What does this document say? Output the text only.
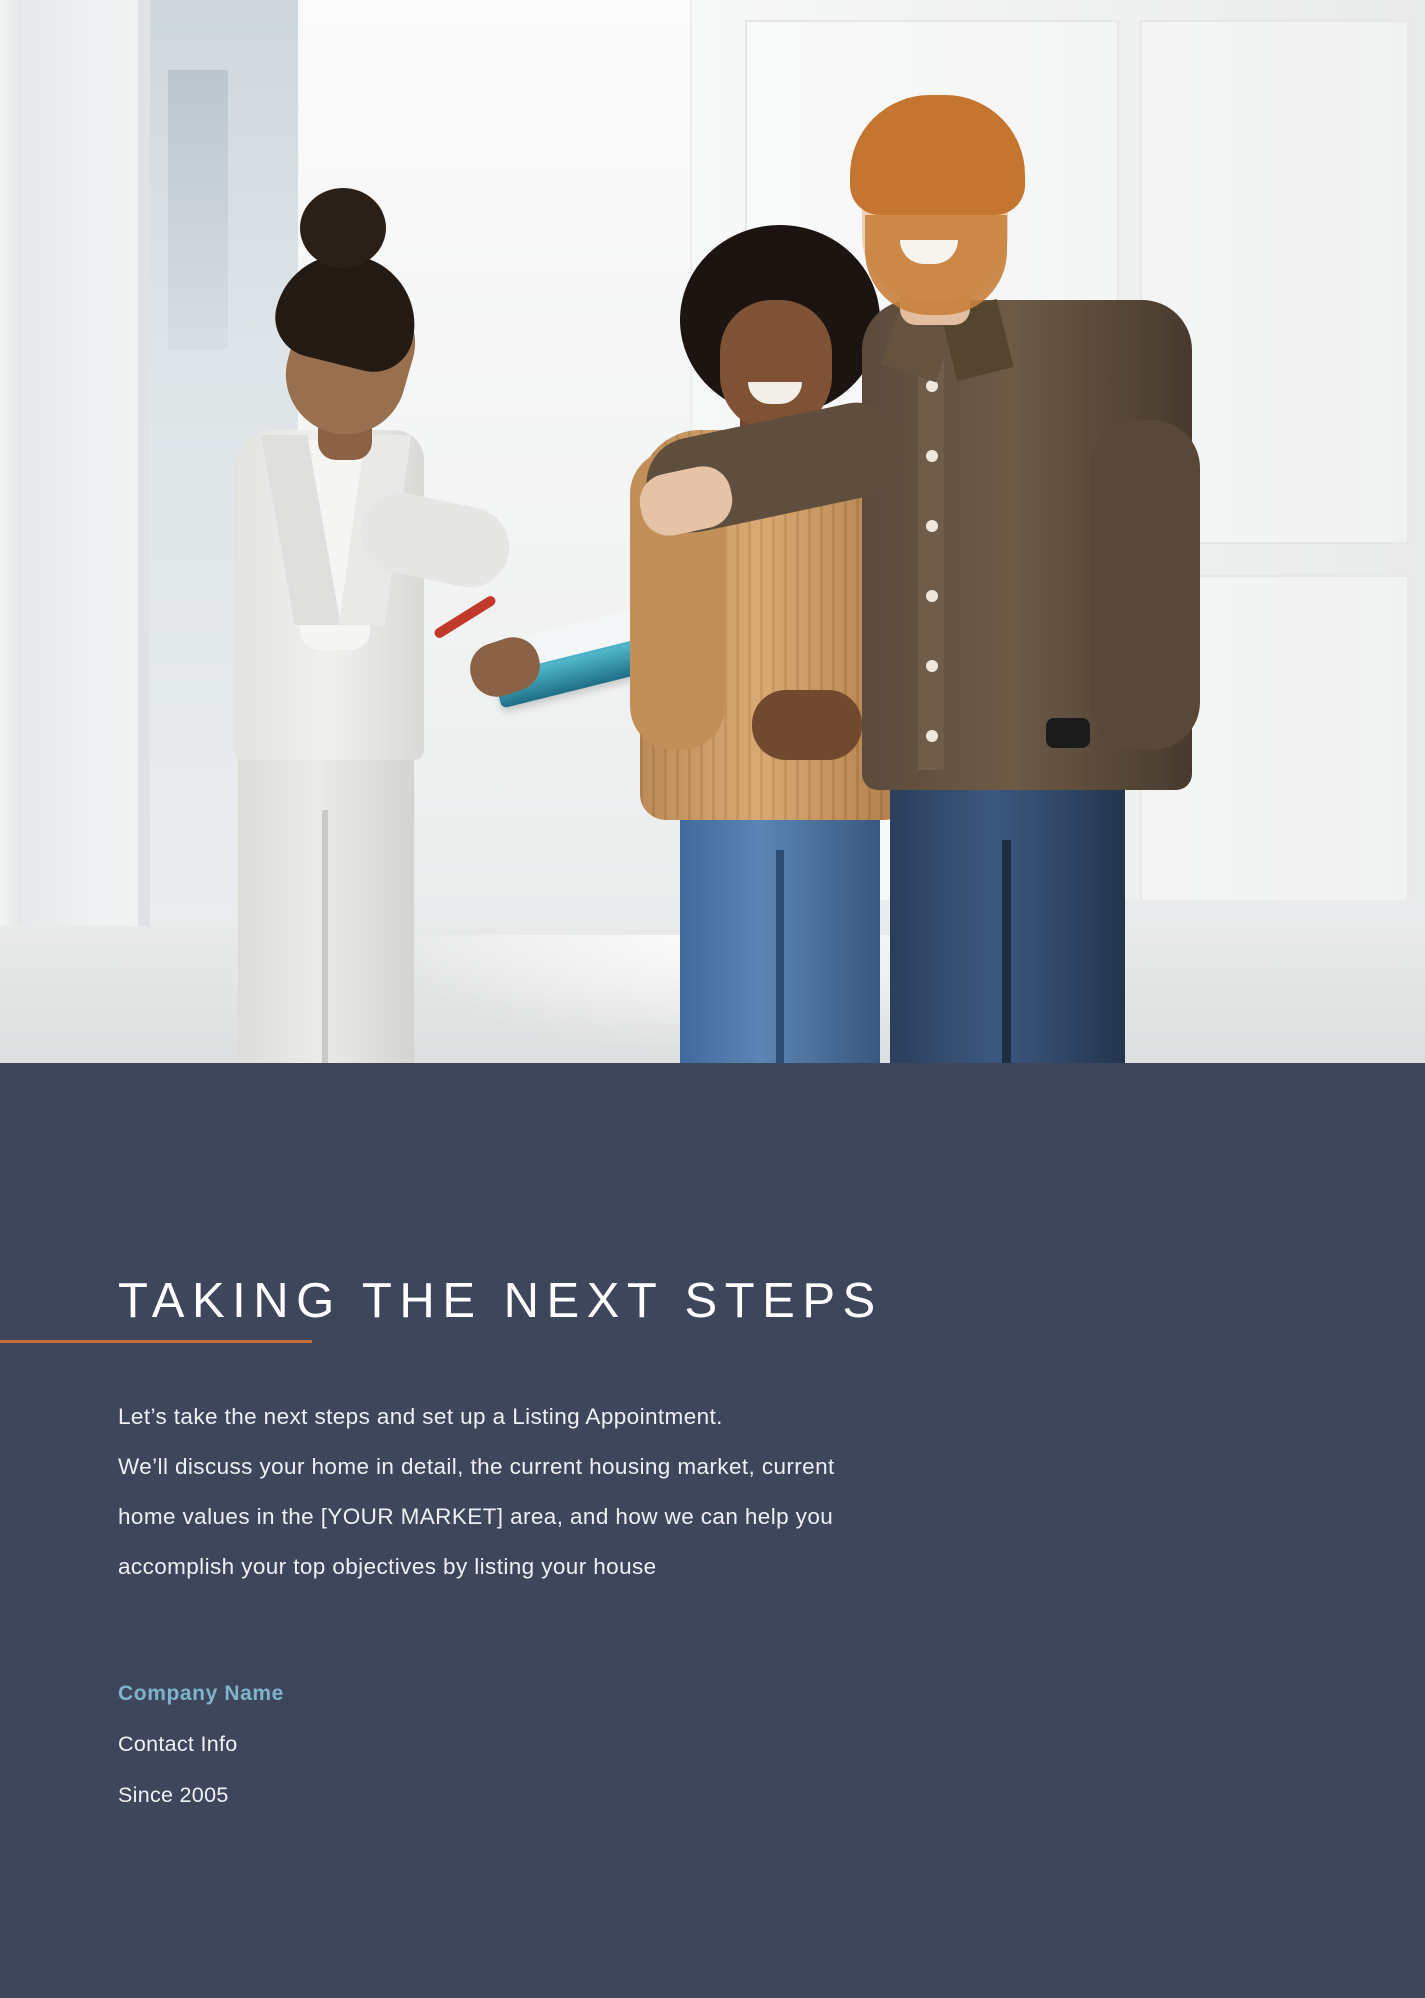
TAKING THE NEXT STEPS

Let’s take the next steps and set up a Listing Appointment.

We’ll discuss your home in detail, the current housing market, current

home values in the [YOUR MARKET] area, and how we can help you

accomplish your top objectives by listing your house

Company Name

Contact Info

Since 2005
